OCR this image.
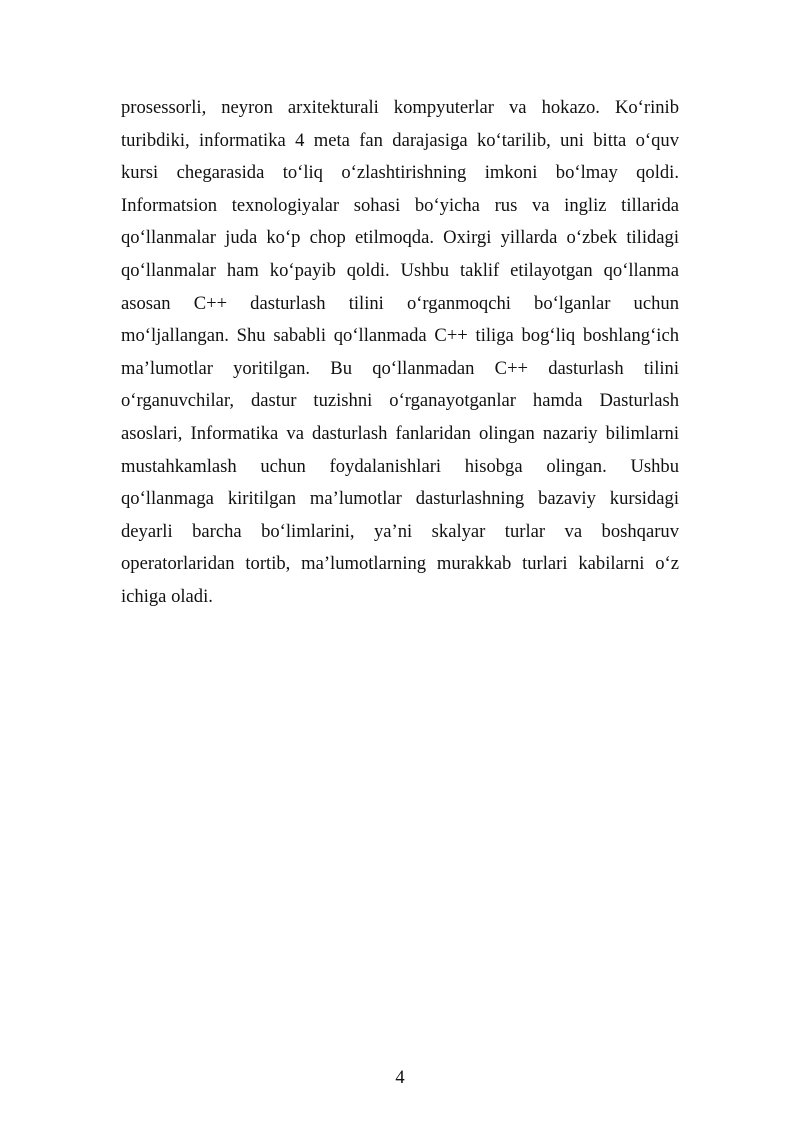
prosessorli, neyron arxitekturali kompyuterlar va hokazo. Koʻrinib
turibdiki, informatika 4 meta fan darajasiga koʻtarilib, uni bitta oʻquv
kursi chegarasida toʻliq oʻzlashtirishning imkoni boʻlmay qoldi.
Informatsion texnologiyalar sohasi boʻyicha rus va ingliz tillarida
qoʻllanmalar juda koʻp chop etilmoqda. Oxirgi yillarda oʻzbek tilidagi
qoʻllanmalar ham koʻpayib qoldi. Ushbu taklif etilayotgan qoʻllanma
asosan C++ dasturlash tilini oʻrganmoqchi boʻlganlar uchun
moʻljallangan. Shu sababli qoʻllanmada C++ tiliga bogʻliq boshlangʻich
maʼlumotlar yoritilgan. Bu qoʻllanmadan C++ dasturlash tilini
oʻrganuvchilar, dastur tuzishni oʻrganayotganlar hamda Dasturlash
asoslari, Informatika va dasturlash fanlaridan olingan nazariy bilimlarni
mustahkamlash uchun foydalanishlari hisobga olingan. Ushbu
qoʻllanmaga kiritilgan maʼlumotlar dasturlashning bazaviy kursidagi
deyarli barcha boʻlimlarini, yaʼni skalyar turlar va boshqaruv
operatorlaridan tortib, maʼlumotlarning murakkab turlari kabilarni oʻz
ichiga oladi.

4
